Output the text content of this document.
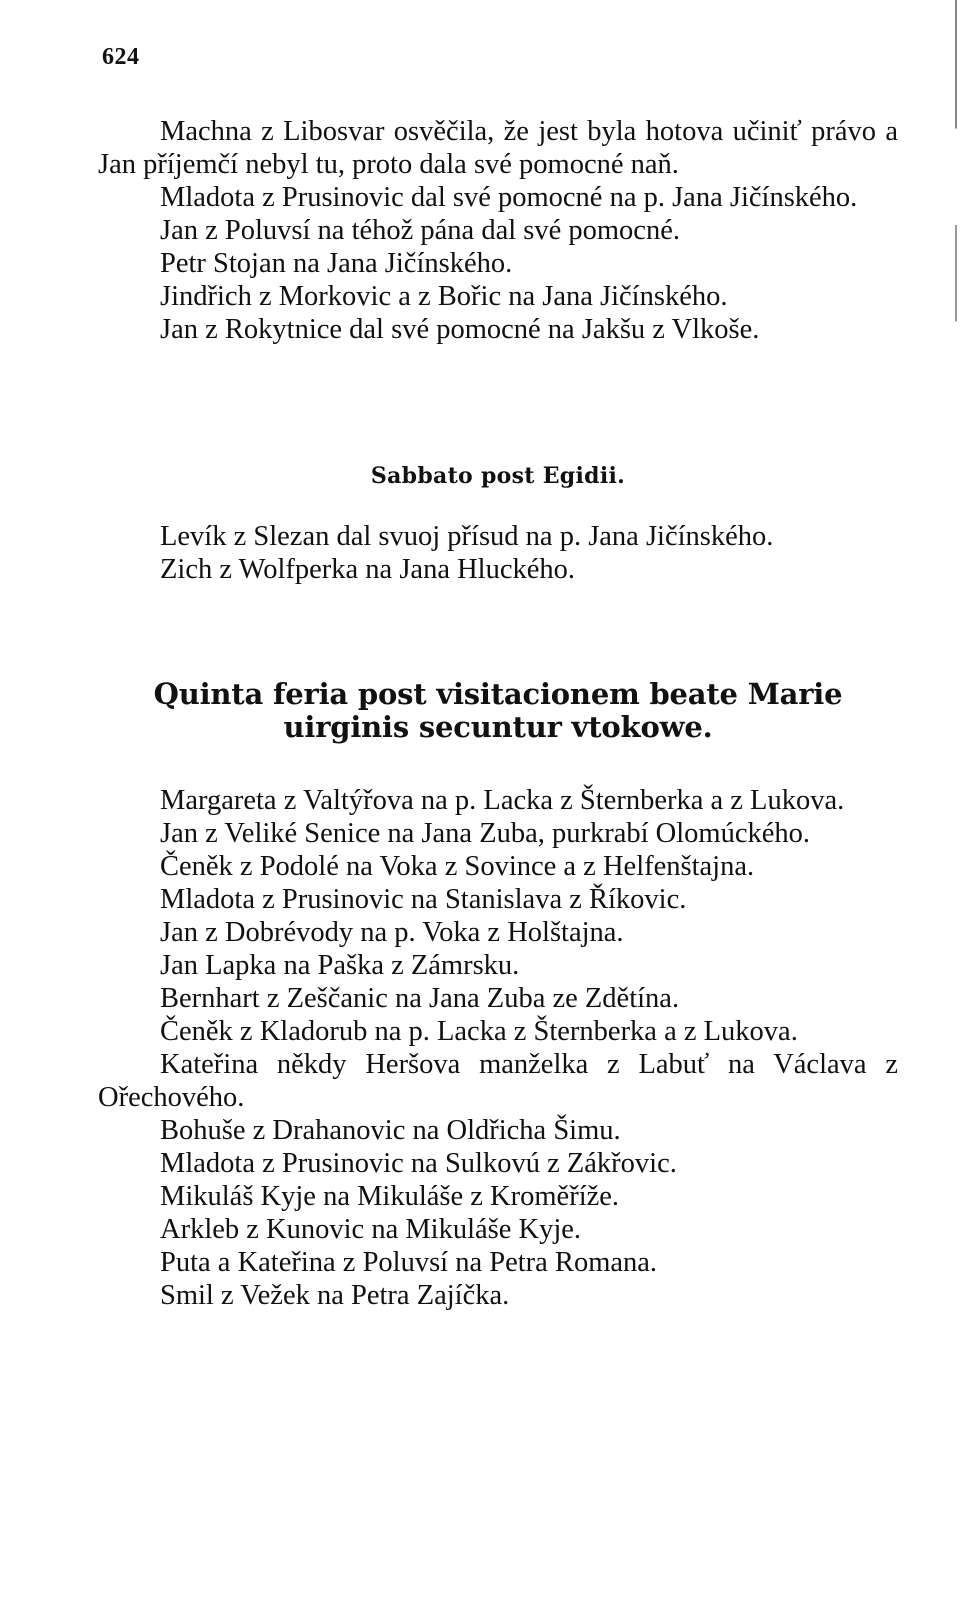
624

Machna z Libosvar osvěčila, že jest byla hotova učiniť právo a Jan příjemčí nebyl tu, proto dala své pomocné naň.

Mladota z Prusinovic dal své pomocné na p. Jana Jičínského.

Jan z Poluvsí na téhož pána dal své pomocné.

Petr Stojan na Jana Jičínského.

Jindřich z Morkovic a z Bořic na Jana Jičínského.

Jan z Rokytnice dal své pomocné na Jakšu z Vlkoše.

Sabbato post Egidii.

Levík z Slezan dal svuoj přísud na p. Jana Jičínského.

Zich z Wolfperka na Jana Hluckého.

Quinta feria post visitacionem beate Marie uirginis secuntur vtokowe.

Margareta z Valtýřova na p. Lacka z Šternberka a z Lukova.

Jan z Veliké Senice na Jana Zuba, purkrabí Olomúckého.

Čeněk z Podolé na Voka z Sovince a z Helfenštajna.

Mladota z Prusinovic na Stanislava z Říkovic.

Jan z Dobrévody na p. Voka z Holštajna.

Jan Lapka na Paška z Zámrsku.

Bernhart z Zeščanic na Jana Zuba ze Zdětína.

Čeněk z Kladorub na p. Lacka z Šternberka a z Lukova.

Kateřina někdy Heršova manželka z Labuť na Václava z Ořechového.

Bohuše z Drahanovic na Oldřicha Šimu.

Mladota z Prusinovic na Sulkovú z Zákřovic.

Mikuláš Kyje na Mikuláše z Kroměříže.

Arkleb z Kunovic na Mikuláše Kyje.

Puta a Kateřina z Poluvsí na Petra Romana.

Smil z Vežek na Petra Zajíčka.
